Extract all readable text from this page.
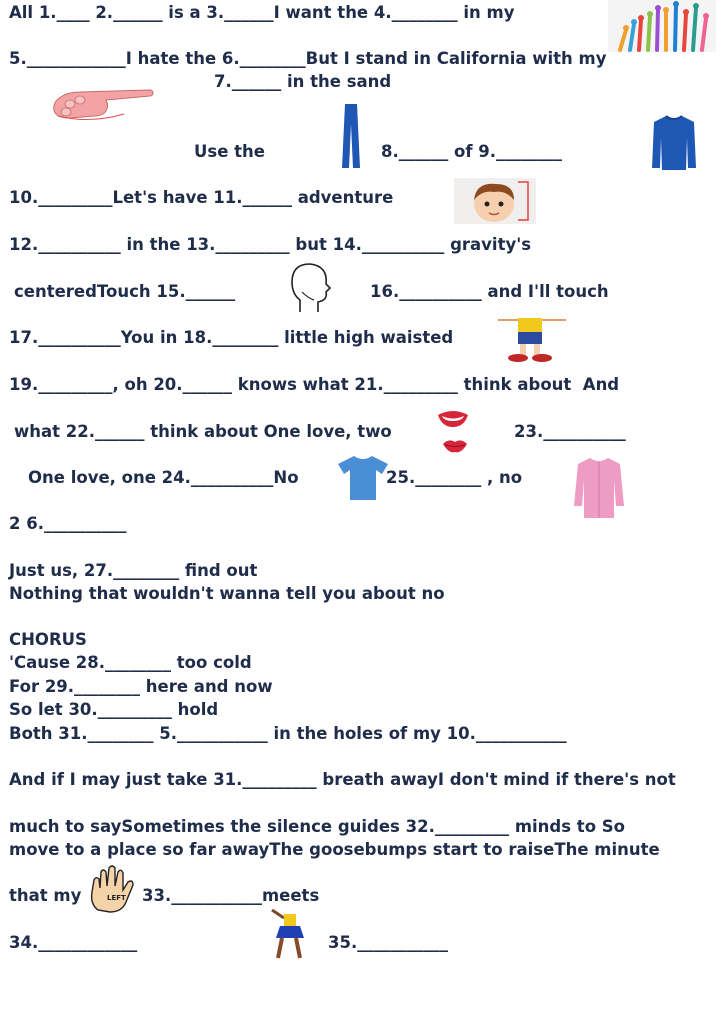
All 1.____ 2.______ is a 3.______I want the 4.________ in my
5.____________I hate the 6.________But I stand in California with my
7.______ in the sand
Use the	8.______ of 9.________
10._________Let's have 11.______ adventure
12.__________ in the 13._________ but 14.__________ gravity's
centeredTouch 15.______	16.__________ and I'll touch
17.__________You in 18.________ little high waisted
19._________, oh 20.______ knows what 21._________ think about  And
what 22.______ think about One love, two	23.__________
One love, one 24.__________No	25.________ , no
2 6.__________
Just us, 27.________ find out
Nothing that wouldn't wanna tell you about no
CHORUS
'Cause 28.________ too cold
For 29.________ here and now
So let 30._________ hold
Both 31.________ 5.___________ in the holes of my 10.___________
And if I may just take 31._________ breath awayI don't mind if there's not
much to saySometimes the silence guides 32._________ minds to So
move to a place so far awayThe goosebumps start to raiseThe minute
that my	33.___________meets
34.____________	35.___________
LEFT
